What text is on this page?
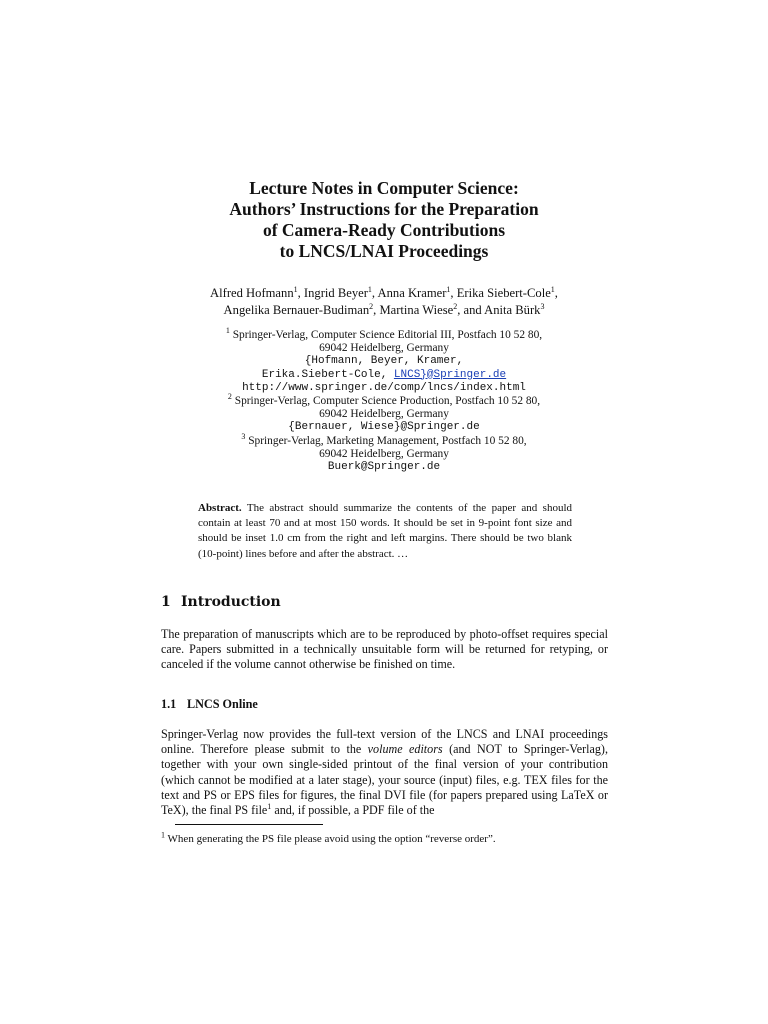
Lecture Notes in Computer Science:
Authors’ Instructions for the Preparation
of Camera-Ready Contributions
to LNCS/LNAI Proceedings
Alfred Hofmann$^1$, Ingrid Beyer$^1$, Anna Kramer$^1$, Erika Siebert-Cole$^1$,
Angelika Bernauer-Budiman$^2$, Martina Wiese$^2$, and Anita Bürk$^3$
$^1$ Springer-Verlag, Computer Science Editorial III, Postfach 10 52 80,
69042 Heidelberg, Germany
{Hofmann, Beyer, Kramer,
Erika.Siebert-Cole, LNCS}@Springer.de
http://www.springer.de/comp/lncs/index.html
$^2$ Springer-Verlag, Computer Science Production, Postfach 10 52 80,
69042 Heidelberg, Germany
{Bernauer, Wiese}@Springer.de
$^3$ Springer-Verlag, Marketing Management, Postfach 10 52 80,
69042 Heidelberg, Germany
Buerk@Springer.de
Abstract. The abstract should summarize the contents of the paper and should contain at least 70 and at most 150 words. It should be set in 9-point font size and should be inset 1.0 cm from the right and left margins. There should be two blank (10-point) lines before and after the abstract. …
1 Introduction
The preparation of manuscripts which are to be reproduced by photo-offset requires special care. Papers submitted in a technically unsuitable form will be returned for retyping, or canceled if the volume cannot otherwise be finished on time.
1.1 LNCS Online
Springer-Verlag now provides the full-text version of the LNCS and LNAI proceedings online. Therefore please submit to the volume editors (and NOT to Springer-Verlag), together with your own single-sided printout of the final version of your contribution (which cannot be modified at a later stage), your source (input) files, e.g. TEX files for the text and PS or EPS files for figures, the final DVI file (for papers prepared using LaTeX or TeX), the final PS file$^1$ and, if possible, a PDF file of the
$^1$ When generating the PS file please avoid using the option “reverse order”.
